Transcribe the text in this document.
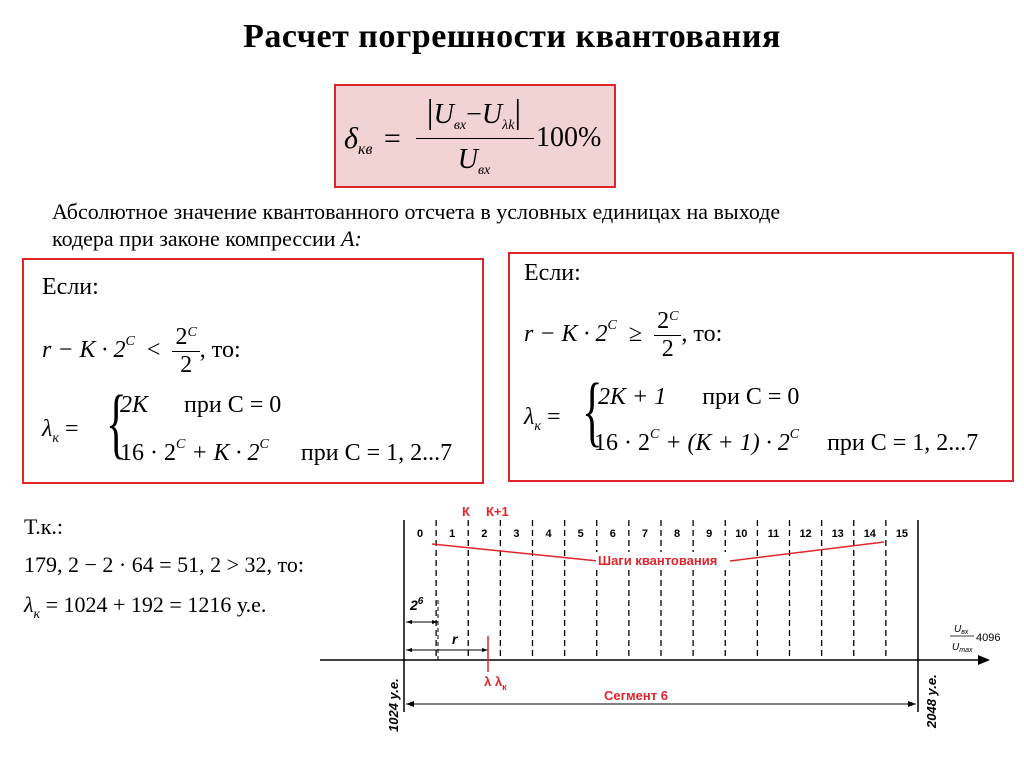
Расчет погрешности квантования
$\delta_{кв}$ =
$|U_{вх}-U_{\lambda k}|$
$U_{вх}$
100%
Абсолютное значение квантованного отсчета в условных единицах на выходе
кодера при законе компрессии A:
Если:
$r - K \cdot 2^C < \frac{2^C}{2}$ , то:
$\lambda_к$ = {
2K при C = 0
$16 \cdot 2^C + K \cdot 2^C$ при C = 1, 2...7
Если:
$r - K \cdot 2^C \ge \frac{2^C}{2}$ , то:
$\lambda_к$ = {
2K + 1 при C = 0
$16 \cdot 2^C + (K + 1) \cdot 2^C$ при C = 1, 2...7
Т.к.:
179, 2 − 2 · 64 = 51, 2 > 32, то:
$\lambda_к = 1024 + 192 = 1216$ у.е.
К К+1
0 1 2 3 4 5 6 7 8 9 10 11 12 13 14 15
Шаги квантования
$2^6$
r
λ $\lambda_к$
Сегмент 6
1024 у.е.	2048 у.е.
$U_{вх}$
$U_{max}$
4096
